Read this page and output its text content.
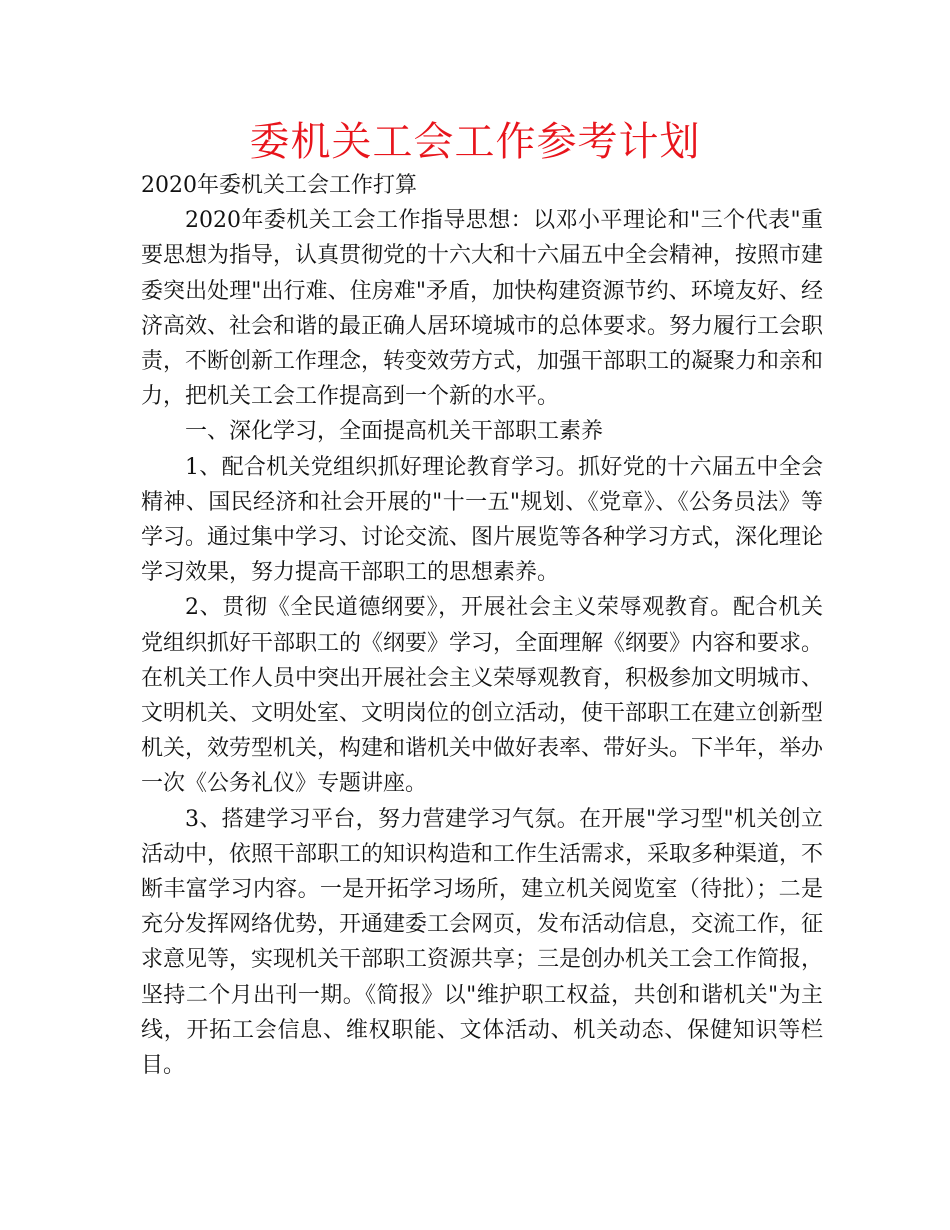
委机关工会工作参考计划

2020年委机关工会工作打算

2020年委机关工会工作指导思想：以邓小平理论和"三个代表"重要思想为指导，认真贯彻党的十六大和十六届五中全会精神，按照市建委突出处理"出行难、住房难"矛盾，加快构建资源节约、环境友好、经济高效、社会和谐的最正确人居环境城市的总体要求。努力履行工会职责，不断创新工作理念，转变效劳方式，加强干部职工的凝聚力和亲和力，把机关工会工作提高到一个新的水平。

一、深化学习，全面提高机关干部职工素养

1、配合机关党组织抓好理论教育学习。抓好党的十六届五中全会精神、国民经济和社会开展的"十一五"规划、《党章》、《公务员法》等学习。通过集中学习、讨论交流、图片展览等各种学习方式，深化理论学习效果，努力提高干部职工的思想素养。

2、贯彻《全民道德纲要》，开展社会主义荣辱观教育。配合机关党组织抓好干部职工的《纲要》学习，全面理解《纲要》内容和要求。在机关工作人员中突出开展社会主义荣辱观教育，积极参加文明城市、文明机关、文明处室、文明岗位的创立活动，使干部职工在建立创新型机关，效劳型机关，构建和谐机关中做好表率、带好头。下半年，举办一次《公务礼仪》专题讲座。

3、搭建学习平台，努力营建学习气氛。在开展"学习型"机关创立活动中，依照干部职工的知识构造和工作生活需求，采取多种渠道，不断丰富学习内容。一是开拓学习场所，建立机关阅览室（待批）；二是充分发挥网络优势，开通建委工会网页，发布活动信息，交流工作，征求意见等，实现机关干部职工资源共享；三是创办机关工会工作简报，坚持二个月出刊一期。《简报》以"维护职工权益，共创和谐机关"为主线，开拓工会信息、维权职能、文体活动、机关动态、保健知识等栏目。
